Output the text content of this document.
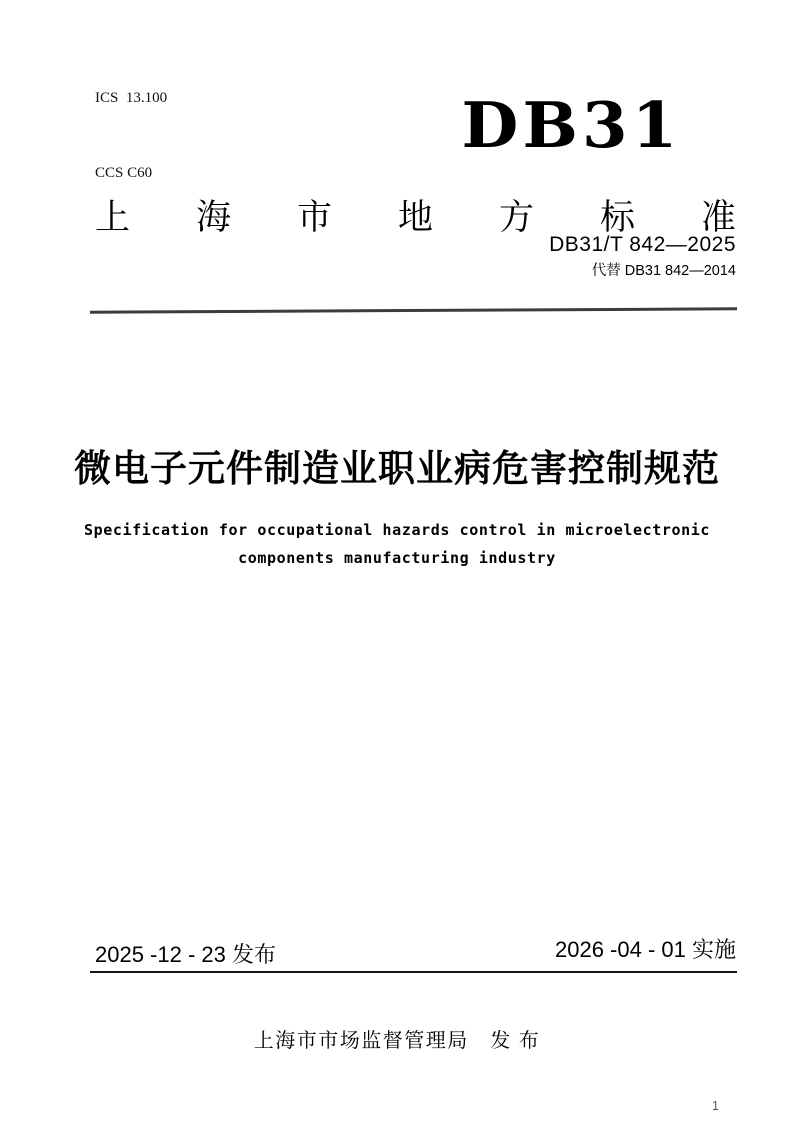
ICS  13.100

CCS C60

DB31
上海市地方标准
DB31/T 842—2025
代替 DB31 842—2014
微电子元件制造业职业病危害控制规范
Specification for occupational hazards control in microelectronic
components manufacturing industry
2025 -12 - 23 发布	2026 -04 - 01 实施
上海市市场监督管理局　发 布
1
